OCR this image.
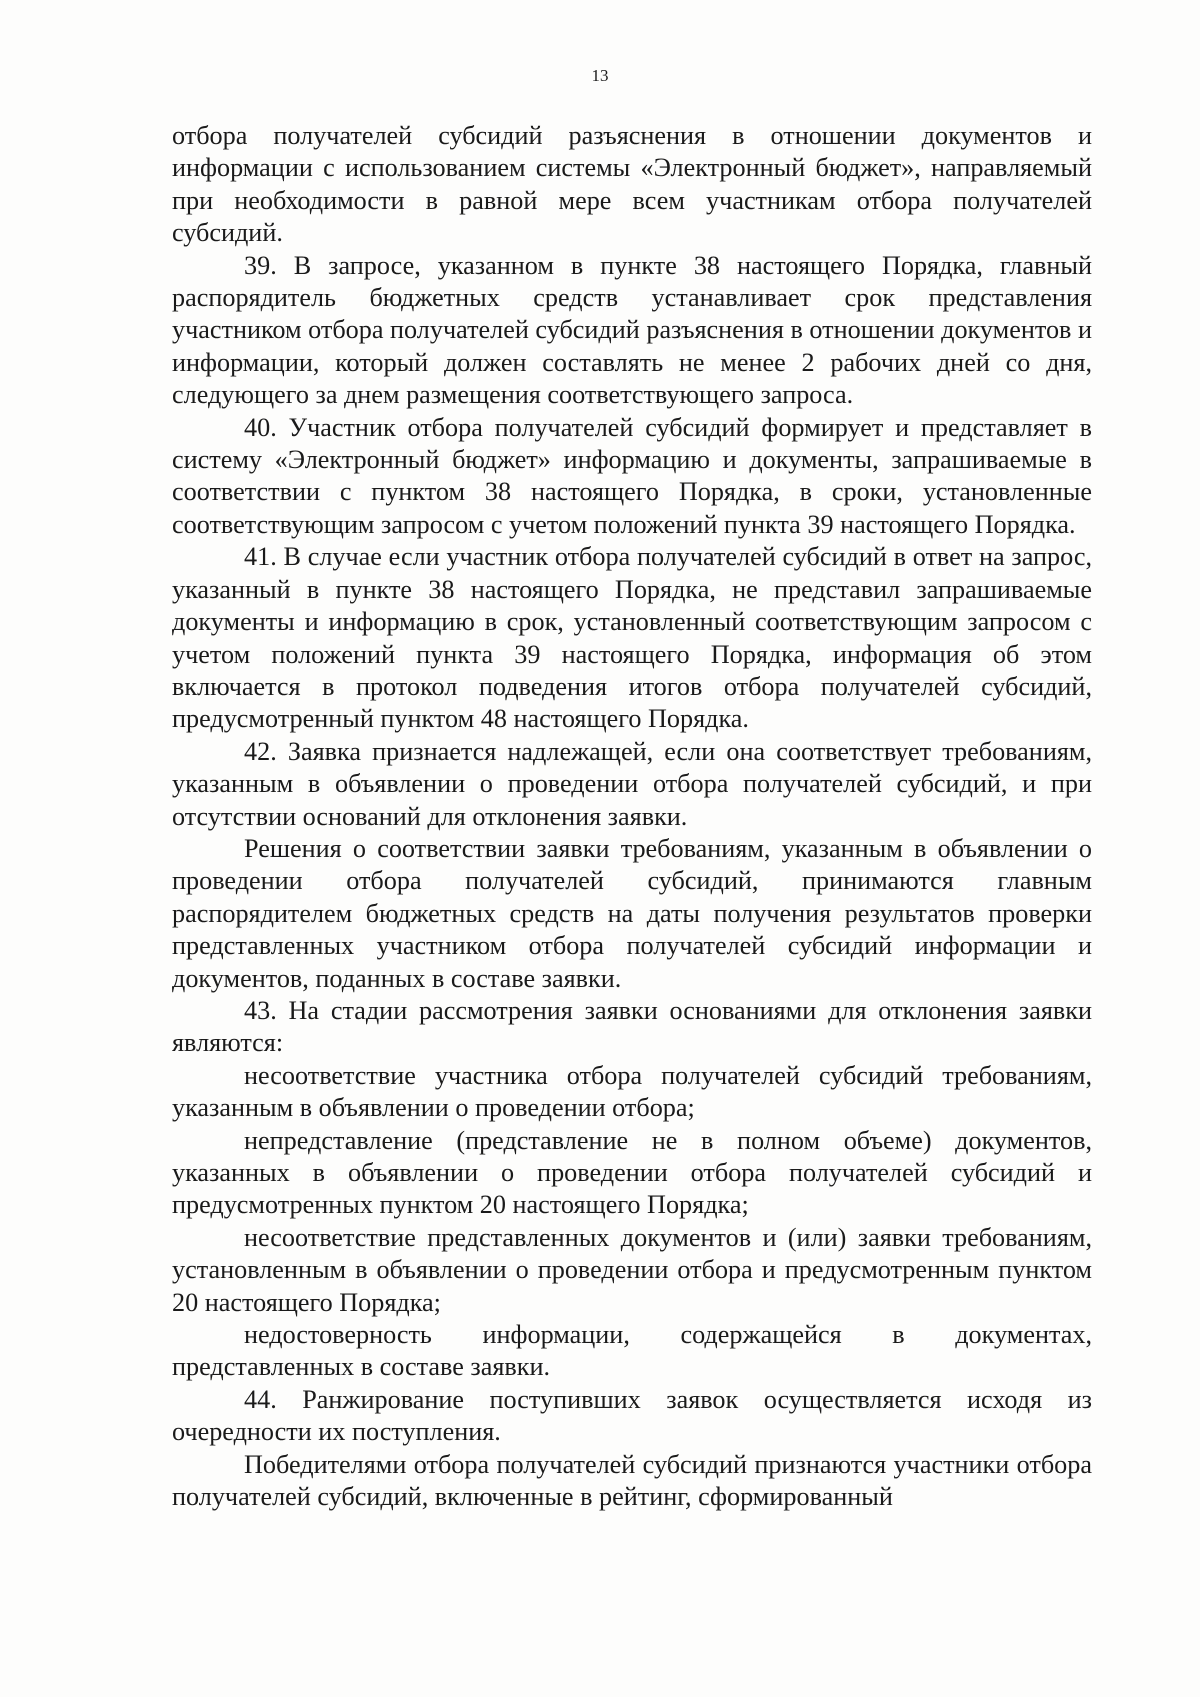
13

отбора получателей субсидий разъяснения в отношении документов и информации с использованием системы «Электронный бюджет», направляемый при необходимости в равной мере всем участникам отбора получателей субсидий.

39. В запросе, указанном в пункте 38 настоящего Порядка, главный распорядитель бюджетных средств устанавливает срок представления участником отбора получателей субсидий разъяснения в отношении документов и информации, который должен составлять не менее 2 рабочих дней со дня, следующего за днем размещения соответствующего запроса.

40. Участник отбора получателей субсидий формирует и представляет в систему «Электронный бюджет» информацию и документы, запрашиваемые в соответствии с пунктом 38 настоящего Порядка, в сроки, установленные соответствующим запросом с учетом положений пункта 39 настоящего Порядка.

41. В случае если участник отбора получателей субсидий в ответ на запрос, указанный в пункте 38 настоящего Порядка, не представил запрашиваемые документы и информацию в срок, установленный соответствующим запросом с учетом положений пункта 39 настоящего Порядка, информация об этом включается в протокол подведения итогов отбора получателей субсидий, предусмотренный пунктом 48 настоящего Порядка.

42. Заявка признается надлежащей, если она соответствует требованиям, указанным в объявлении о проведении отбора получателей субсидий, и при отсутствии оснований для отклонения заявки.

Решения о соответствии заявки требованиям, указанным в объявлении о проведении отбора получателей субсидий, принимаются главным распорядителем бюджетных средств на даты получения результатов проверки представленных участником отбора получателей субсидий информации и документов, поданных в составе заявки.

43. На стадии рассмотрения заявки основаниями для отклонения заявки являются:

несоответствие участника отбора получателей субсидий требованиям, указанным в объявлении о проведении отбора;

непредставление (представление не в полном объеме) документов, указанных в объявлении о проведении отбора получателей субсидий и предусмотренных пунктом 20 настоящего Порядка;

несоответствие представленных документов и (или) заявки требованиям, установленным в объявлении о проведении отбора и предусмотренным пунктом 20 настоящего Порядка;

недостоверность информации, содержащейся в документах, представленных в составе заявки.

44. Ранжирование поступивших заявок осуществляется исходя из очередности их поступления.

Победителями отбора получателей субсидий признаются участники отбора получателей субсидий, включенные в рейтинг, сформированный
